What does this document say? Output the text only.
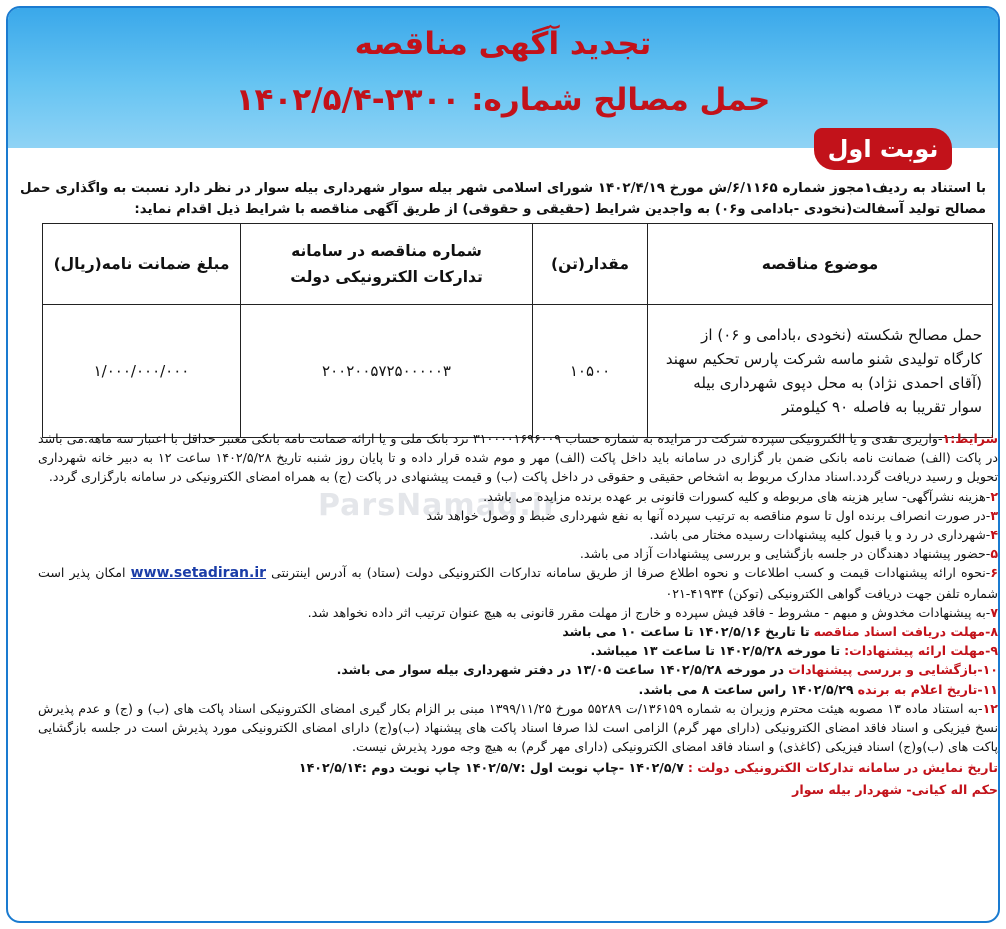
تجدید آگهی مناقصه
حمل مصالح شماره: ۲۳۰۰-۱۴۰۲/۵/۴
نوبت اول
با استناد به ردیف۱مجوز شماره ۶/۱۱۶۵/ش مورخ ۱۴۰۲/۴/۱۹ شورای اسلامی شهر بیله سوار شهرداری بیله سوار در نظر دارد نسبت به واگذاری حمل مصالح تولید آسفالت(نخودی -بادامی و۰۶) به واجدین شرایط (حقیقی و حقوقی) از طریق آگهی مناقصه با شرایط ذیل اقدام نماید:
موضوع مناقصه	مقدار(تن)	شماره مناقصه در سامانه تدارکات الکترونیکی دولت	مبلغ ضمانت نامه(ریال)
حمل مصالح شکسته (نخودی ،بادامی و ۰۶) از کارگاه تولیدی شنو ماسه شرکت پارس تحکیم سهند (آقای احمدی نژاد) به محل دپوی شهرداری بیله سوار تقریبا به فاصله ۹۰ کیلومتر	۱۰۵۰۰	۲۰۰۲۰۰۵۷۲۵۰۰۰۰۰۳	۱/۰۰۰/۰۰۰/۰۰۰
ParsNamad.ir

شرایط:۱-واریزی نقدی و یا الکترونیکی سپرده شرکت در مزایده به شماره حساب ۳۱۰۰۰۰۱۶۹۶۰۰۹ نزد بانک ملی و یا ارائه ضمانت نامه بانکی معتبر حداقل با اعتبار سه ماهه.می باشد در پاکت (الف) ضمانت نامه بانکی ضمن بار گزاری در سامانه باید داخل پاکت (الف) مهر و موم شده قرار داده و تا پایان روز شنبه تاریخ ۱۴۰۲/۵/۲۸ ساعت ۱۲ به دبیر خانه شهرداری تحویل و رسید دریافت گردد.اسناد مدارک مربوط به اشخاص حقیقی و حقوقی در داخل پاکت (ب) و قیمت پیشنهادی در پاکت (ج) به همراه امضای الکترونیکی در سامانه بارگزاری گردد.

۲-هزینه نشرآگهی- سایر هزینه های مربوطه و کلیه کسورات قانونی بر عهده برنده مزایده می باشد.

۳-در صورت انصراف برنده اول تا سوم مناقصه به ترتیب سپرده آنها به نفع شهرداری ضبط و وصول خواهد شد

۴-شهرداری در رد و یا قبول کلیه پیشنهادات رسیده مختار می باشد.

۵-حضور پیشنهاد دهندگان در جلسه بازگشایی و بررسی پیشنهادات آزاد می باشد.

۶-نحوه ارائه پیشنهادات قیمت و کسب اطلاعات و نحوه اطلاع صرفا از طریق سامانه تدارکات الکترونیکی دولت (ستاد) به آدرس اینترنتی www.setadiran.ir امکان پذیر است شماره تلفن جهت دریافت گواهی الکترونیکی (توکن) ۴۱۹۳۴-۰۲۱

۷-به پیشنهادات مخدوش و مبهم - مشروط - فاقد فیش سپرده و خارج از مهلت مقرر قانونی به هیچ عنوان ترتیب اثر داده نخواهد شد.

۸-مهلت دریافت اسناد مناقصه تا تاریخ ۱۴۰۲/۵/۱۶ تا ساعت ۱۰ می باشد

۹-مهلت ارائه پیشنهادات: تا مورخه ۱۴۰۲/۵/۲۸ تا ساعت ۱۳ میباشد.

۱۰-بازگشایی و بررسی پیشنهادات در مورخه ۱۴۰۲/۵/۲۸ ساعت ۱۳/۰۵ در دفتر شهرداری بیله سوار می باشد.

۱۱-تاریخ اعلام به برنده ۱۴۰۲/۵/۲۹ راس ساعت ۸ می باشد.

۱۲-به استناد ماده ۱۳ مصوبه هیئت محترم وزیران به شماره ۱۳۶۱۵۹/ت ۵۵۲۸۹ مورخ ۱۳۹۹/۱۱/۲۵ مبنی بر الزام بکار گیری امضای الکترونیکی اسناد پاکت های (ب) و (ج) و عدم پذیرش نسخ فیزیکی و اسناد فاقد امضای الکترونیکی (دارای مهر گرم) الزامی است لذا صرفا اسناد پاکت های پیشنهاد (ب)و(ج) دارای امضای الکترونیکی مورد پذیرش است در جلسه بازگشایی پاکت های (ب)و(ج) اسناد فیزیکی (کاغذی) و اسناد فاقد امضای الکترونیکی (دارای مهر گرم) به هیچ وجه مورد پذیرش نیست.

تاریخ نمایش در سامانه تدارکات الکترونیکی دولت : ۱۴۰۲/۵/۷ -چاپ نوبت اول :۱۴۰۲/۵/۷ چاپ نوبت دوم :۱۴۰۲/۵/۱۴

حکم اله کیانی- شهردار بیله سوار
